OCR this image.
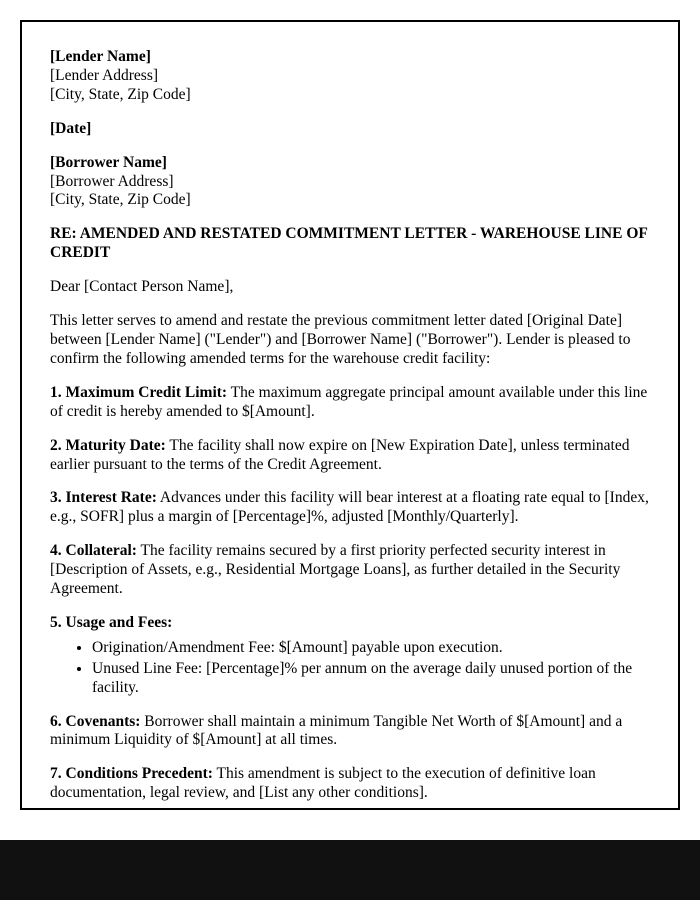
[Lender Name]
[Lender Address]
[City, State, Zip Code]
[Date]
[Borrower Name]
[Borrower Address]
[City, State, Zip Code]
RE: AMENDED AND RESTATED COMMITMENT LETTER - WAREHOUSE LINE OF CREDIT
Dear [Contact Person Name],
This letter serves to amend and restate the previous commitment letter dated [Original Date] between [Lender Name] ("Lender") and [Borrower Name] ("Borrower"). Lender is pleased to confirm the following amended terms for the warehouse credit facility:
1. Maximum Credit Limit: The maximum aggregate principal amount available under this line of credit is hereby amended to $[Amount].
2. Maturity Date: The facility shall now expire on [New Expiration Date], unless terminated earlier pursuant to the terms of the Credit Agreement.
3. Interest Rate: Advances under this facility will bear interest at a floating rate equal to [Index, e.g., SOFR] plus a margin of [Percentage]%, adjusted [Monthly/Quarterly].
4. Collateral: The facility remains secured by a first priority perfected security interest in [Description of Assets, e.g., Residential Mortgage Loans], as further detailed in the Security Agreement.
5. Usage and Fees:
• Origination/Amendment Fee: $[Amount] payable upon execution.
• Unused Line Fee: [Percentage]% per annum on the average daily unused portion of the facility.
6. Covenants: Borrower shall maintain a minimum Tangible Net Worth of $[Amount] and a minimum Liquidity of $[Amount] at all times.
7. Conditions Precedent: This amendment is subject to the execution of definitive loan documentation, legal review, and [List any other conditions].
